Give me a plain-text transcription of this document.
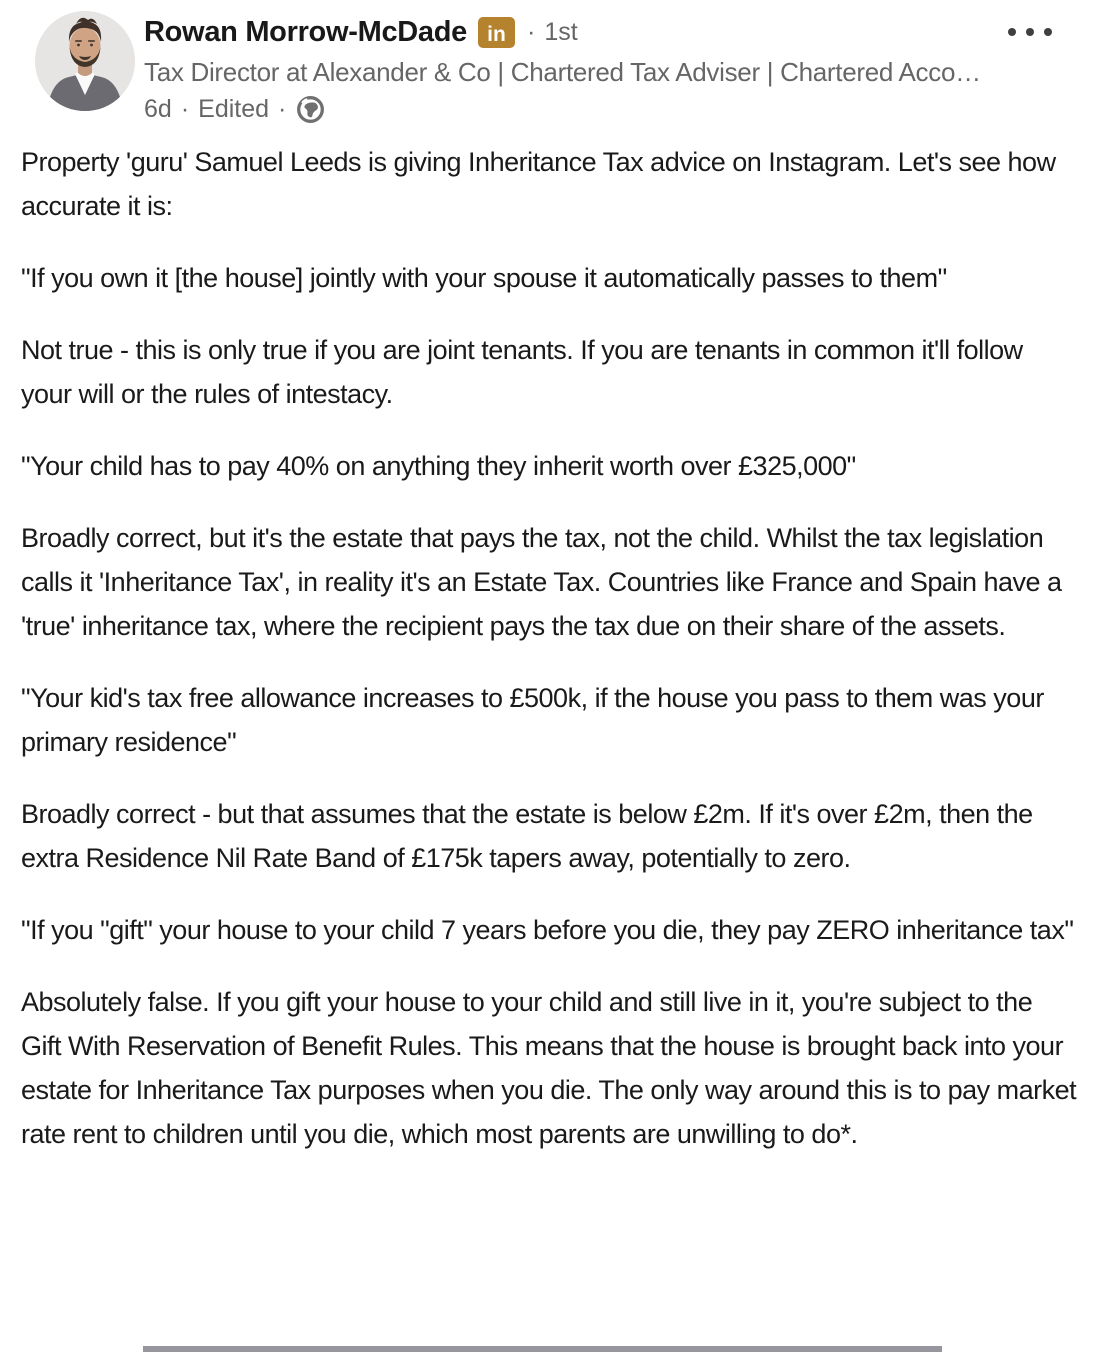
Rowan Morrow-McDade in · 1st
Tax Director at Alexander & Co | Chartered Tax Adviser | Chartered Acco…
6d · Edited ·

Property 'guru' Samuel Leeds is giving Inheritance Tax advice on Instagram. Let's see how accurate it is:

"If you own it [the house] jointly with your spouse it automatically passes to them"

Not true - this is only true if you are joint tenants. If you are tenants in common it'll follow your will or the rules of intestacy.

"Your child has to pay 40% on anything they inherit worth over £325,000"

Broadly correct, but it's the estate that pays the tax, not the child. Whilst the tax legislation calls it 'Inheritance Tax', in reality it's an Estate Tax. Countries like France and Spain have a 'true' inheritance tax, where the recipient pays the tax due on their share of the assets.

"Your kid's tax free allowance increases to £500k, if the house you pass to them was your primary residence"

Broadly correct - but that assumes that the estate is below £2m. If it's over £2m, then the extra Residence Nil Rate Band of £175k tapers away, potentially to zero.

"If you "gift" your house to your child 7 years before you die, they pay ZERO inheritance tax"

Absolutely false. If you gift your house to your child and still live in it, you're subject to the Gift With Reservation of Benefit Rules. This means that the house is brought back into your estate for Inheritance Tax purposes when you die. The only way around this is to pay market rate rent to children until you die, which most parents are unwilling to do*.
